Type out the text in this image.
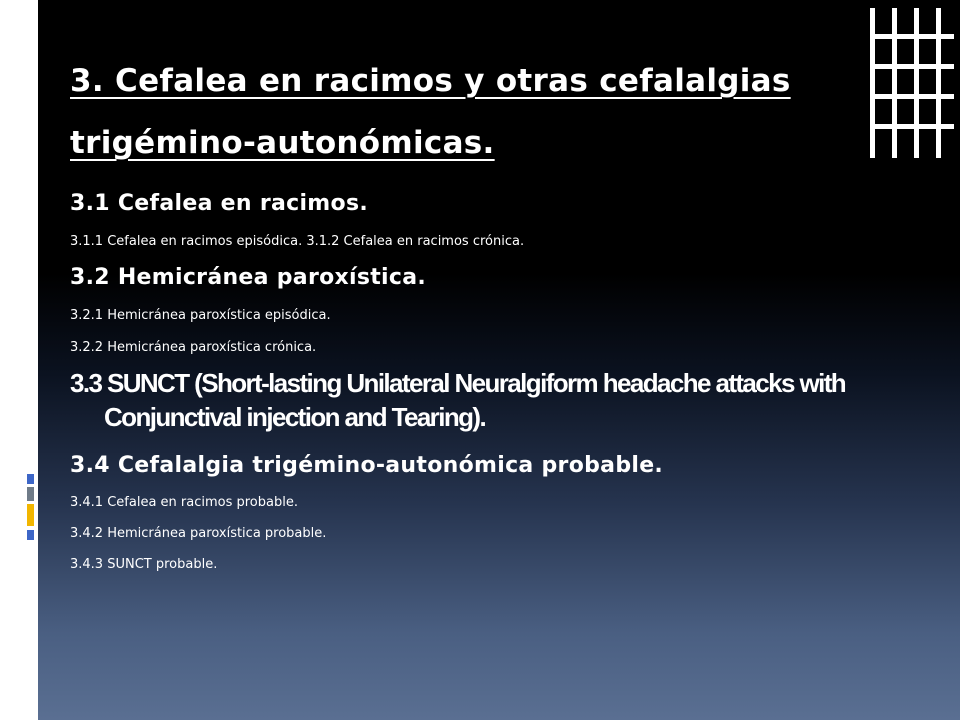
3. Cefalea en racimos y otras cefalalgias

trigémino-autonómicas.

3.1 Cefalea en racimos.

3.1.1 Cefalea en racimos episódica. 3.1.2 Cefalea en racimos crónica.

3.2 Hemicránea paroxística.

3.2.1 Hemicránea paroxística episódica.

3.2.2 Hemicránea paroxística crónica.

3.3 SUNCT (Short-lasting Unilateral Neuralgiform headache attacks with Conjunctival injection and Tearing).

3.4 Cefalalgia trigémino-autonómica probable.

3.4.1 Cefalea en racimos probable.

3.4.2 Hemicránea paroxística probable.

3.4.3 SUNCT probable.
